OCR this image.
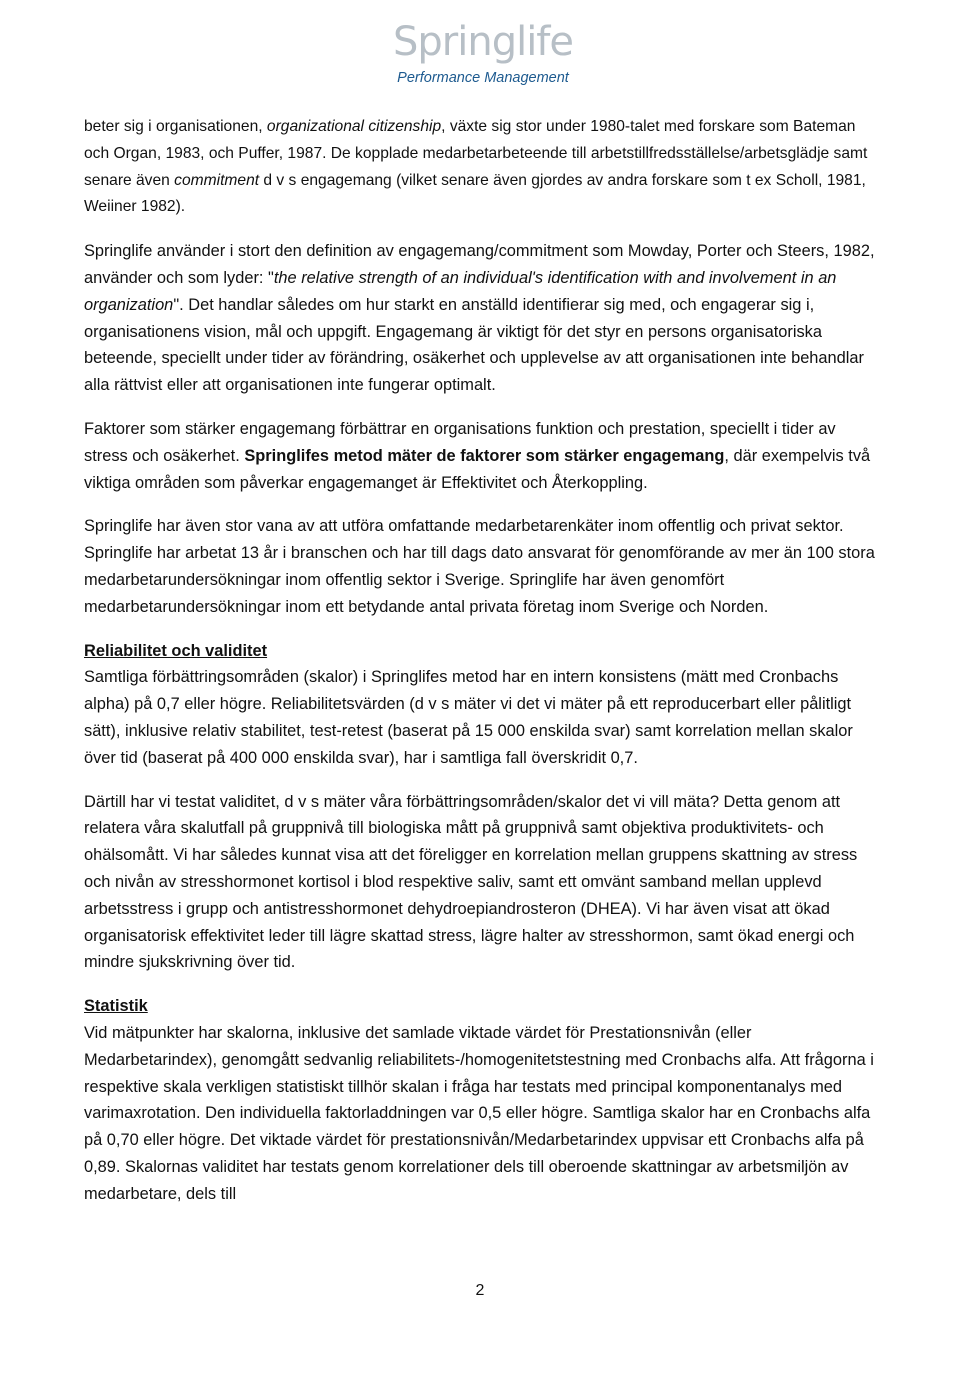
Springlife
Performance Management

beter sig i organisationen, organizational citizenship, växte sig stor under 1980-talet med forskare som Bateman och Organ, 1983, och Puffer, 1987. De kopplade medarbetarbeteende till arbetstillfredsställelse/arbetsglädje samt senare även commitment d v s engagemang (vilket senare även gjordes av andra forskare som t ex Scholl, 1981, Weiiner 1982).

Springlife använder i stort den definition av engagemang/commitment som Mowday, Porter och Steers, 1982, använder och som lyder: "the relative strength of an individual's identification with and involvement in an organization". Det handlar således om hur starkt en anställd identifierar sig med, och engagerar sig i, organisationens vision, mål och uppgift. Engagemang är viktigt för det styr en persons organisatoriska beteende, speciellt under tider av förändring, osäkerhet och upplevelse av att organisationen inte behandlar alla rättvist eller att organisationen inte fungerar optimalt.

Faktorer som stärker engagemang förbättrar en organisations funktion och prestation, speciellt i tider av stress och osäkerhet. Springlifes metod mäter de faktorer som stärker engagemang, där exempelvis två viktiga områden som påverkar engagemanget är Effektivitet och Återkoppling.

Springlife har även stor vana av att utföra omfattande medarbetarenkäter inom offentlig och privat sektor. Springlife har arbetat 13 år i branschen och har till dags dato ansvarat för genomförande av mer än 100 stora medarbetarundersökningar inom offentlig sektor i Sverige. Springlife har även genomfört medarbetarundersökningar inom ett betydande antal privata företag inom Sverige och Norden.

Reliabilitet och validitet
Samtliga förbättringsområden (skalor) i Springlifes metod har en intern konsistens (mätt med Cronbachs alpha) på 0,7 eller högre. Reliabilitetsvärden (d v s mäter vi det vi mäter på ett reproducerbart eller pålitligt sätt), inklusive relativ stabilitet, test-retest (baserat på 15 000 enskilda svar) samt korrelation mellan skalor över tid (baserat på 400 000 enskilda svar), har i samtliga fall överskridit 0,7.

Därtill har vi testat validitet, d v s mäter våra förbättringsområden/skalor det vi vill mäta? Detta genom att relatera våra skalutfall på gruppnivå till biologiska mått på gruppnivå samt objektiva produktivitets- och ohälsomått. Vi har således kunnat visa att det föreligger en korrelation mellan gruppens skattning av stress och nivån av stresshormonet kortisol i blod respektive saliv, samt ett omvänt samband mellan upplevd arbetsstress i grupp och antistresshormonet dehydroepiandrosteron (DHEA). Vi har även visat att ökad organisatorisk effektivitet leder till lägre skattad stress, lägre halter av stresshormon, samt ökad energi och mindre sjukskrivning över tid.

Statistik
Vid mätpunkter har skalorna, inklusive det samlade viktade värdet för Prestationsnivån (eller Medarbetarindex), genomgått sedvanlig reliabilitets-/homogenitetstestning med Cronbachs alfa. Att frågorna i respektive skala verkligen statistiskt tillhör skalan i fråga har testats med principal komponentanalys med varimaxrotation. Den individuella faktorladdningen var 0,5 eller högre. Samtliga skalor har en Cronbachs alfa på 0,70 eller högre. Det viktade värdet för prestationsnivån/Medarbetarindex uppvisar ett Cronbachs alfa på 0,89. Skalornas validitet har testats genom korrelationer dels till oberoende skattningar av arbetsmiljön av medarbetare, dels till

2
